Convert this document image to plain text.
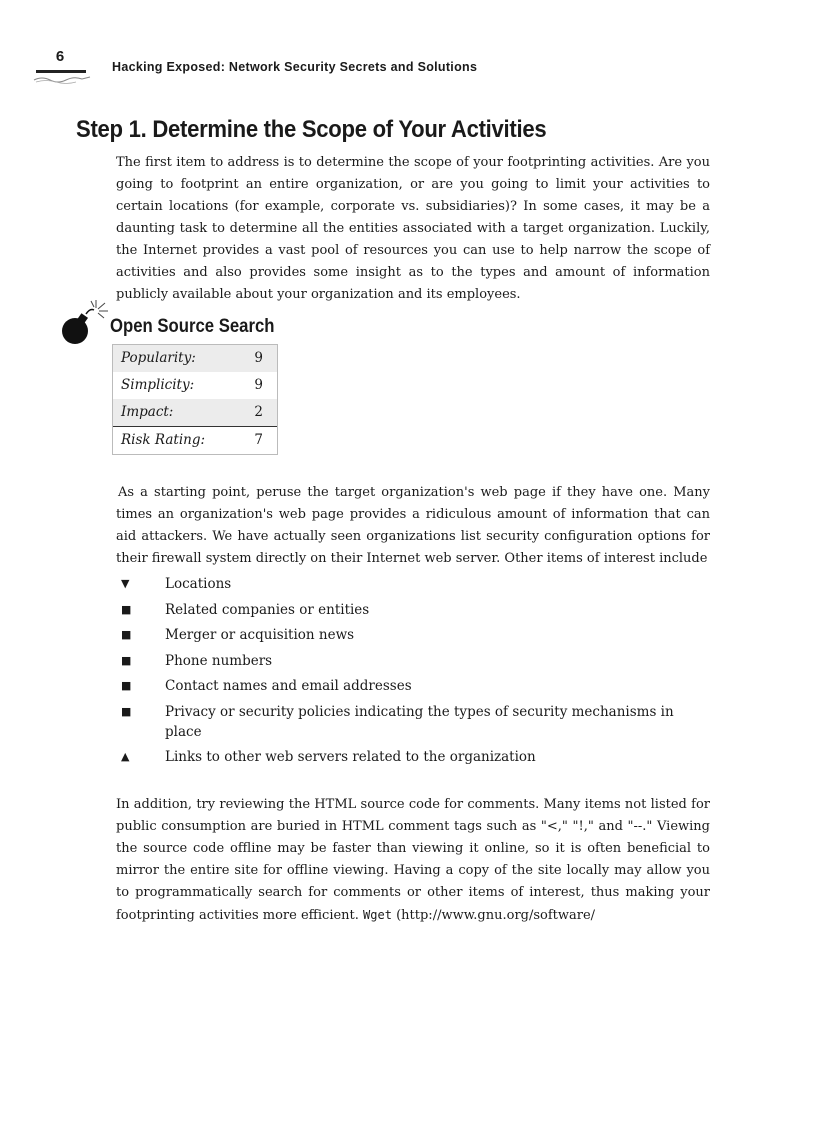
6
Hacking Exposed: Network Security Secrets and Solutions
Step 1. Determine the Scope of Your Activities

The first item to address is to determine the scope of your footprinting activities. Are you going to footprint an entire organization, or are you going to limit your activities to certain locations (for example, corporate vs. subsidiaries)? In some cases, it may be a daunting task to determine all the entities associated with a target organization. Luckily, the Internet provides a vast pool of resources you can use to help narrow the scope of activities and also provides some insight as to the types and amount of information publicly available about your organization and its employees.

Open Source Search
Popularity:	9
Simplicity:	9
Impact:	2
Risk Rating:	7

As a starting point, peruse the target organization's web page if they have one. Many times an organization's web page provides a ridiculous amount of information that can aid attackers. We have actually seen organizations list security configuration options for their firewall system directly on their Internet web server. Other items of interest include

▼	Locations
■ Related companies or entities
■ Merger or acquisition news
■ Phone numbers
■ Contact names and email addresses
■ Privacy or security policies indicating the types of security mechanisms in place
▲	Links to other web servers related to the organization

In addition, try reviewing the HTML source code for comments. Many items not listed for public consumption are buried in HTML comment tags such as "<," "!," and "--." Viewing the source code offline may be faster than viewing it online, so it is often beneficial to mirror the entire site for offline viewing. Having a copy of the site locally may allow you to programmatically search for comments or other items of interest, thus making your footprinting activities more efficient. Wget (http://www.gnu.org/software/
